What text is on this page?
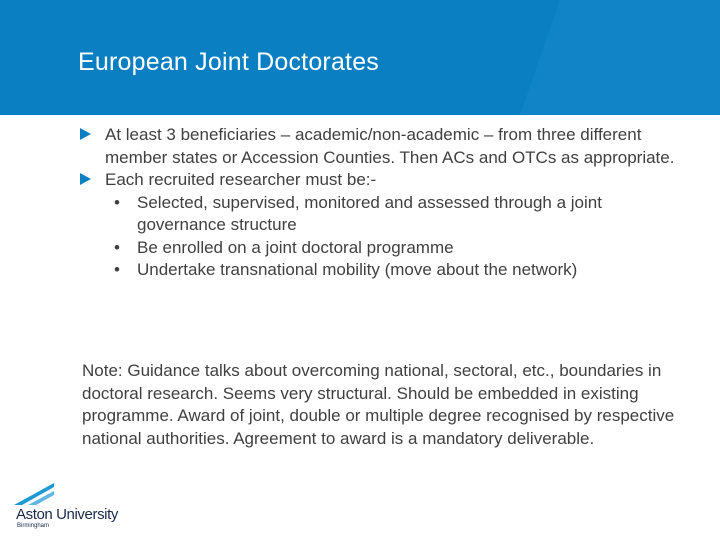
European Joint Doctorates
At least 3 beneficiaries – academic/non-academic – from three different member states or Accession Counties. Then ACs and OTCs as appropriate.
Each recruited researcher must be:-
• Selected, supervised, monitored and assessed through a joint governance structure
• Be enrolled on a joint doctoral programme
• Undertake transnational mobility (move about the network)
Note: Guidance talks about overcoming national, sectoral, etc., boundaries in doctoral research. Seems very structural. Should be embedded in existing programme. Award of joint, double or multiple degree recognised by respective national authorities. Agreement to award is a mandatory deliverable.
Aston University
Birmingham
